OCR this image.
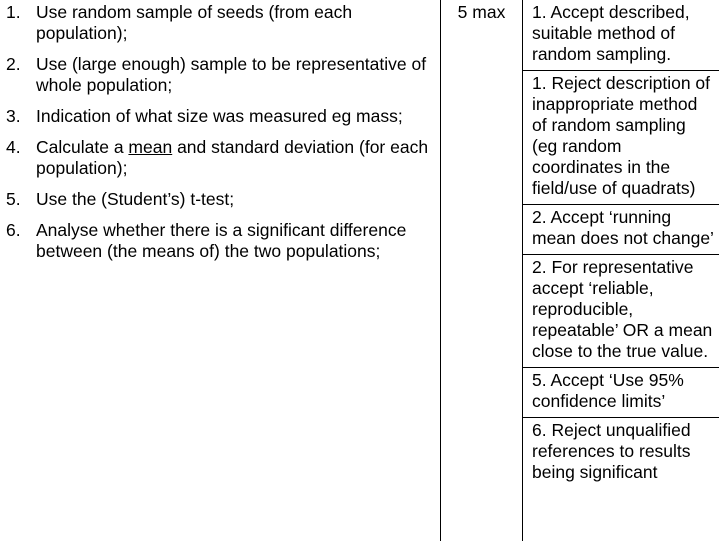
1. Use random sample of seeds (from each population);
2. Use (large enough) sample to be representative of whole population;
3. Indication of what size was measured eg mass;
4. Calculate a mean and standard deviation (for each population);
5. Use the (Student’s) t-test;
6. Analyse whether there is a significant difference between (the means of) the two populations;
5 max	1. Accept described, suitable method of random sampling.
1. Reject description of inappropriate method of random sampling (eg random coordinates in the field/use of quadrats)
2. Accept ‘running mean does not change’
2. For representative accept ‘reliable, reproducible, repeatable’ OR a mean close to the true value.
5. Accept ‘Use 95% confidence limits’
6. Reject unqualified references to results being significant
